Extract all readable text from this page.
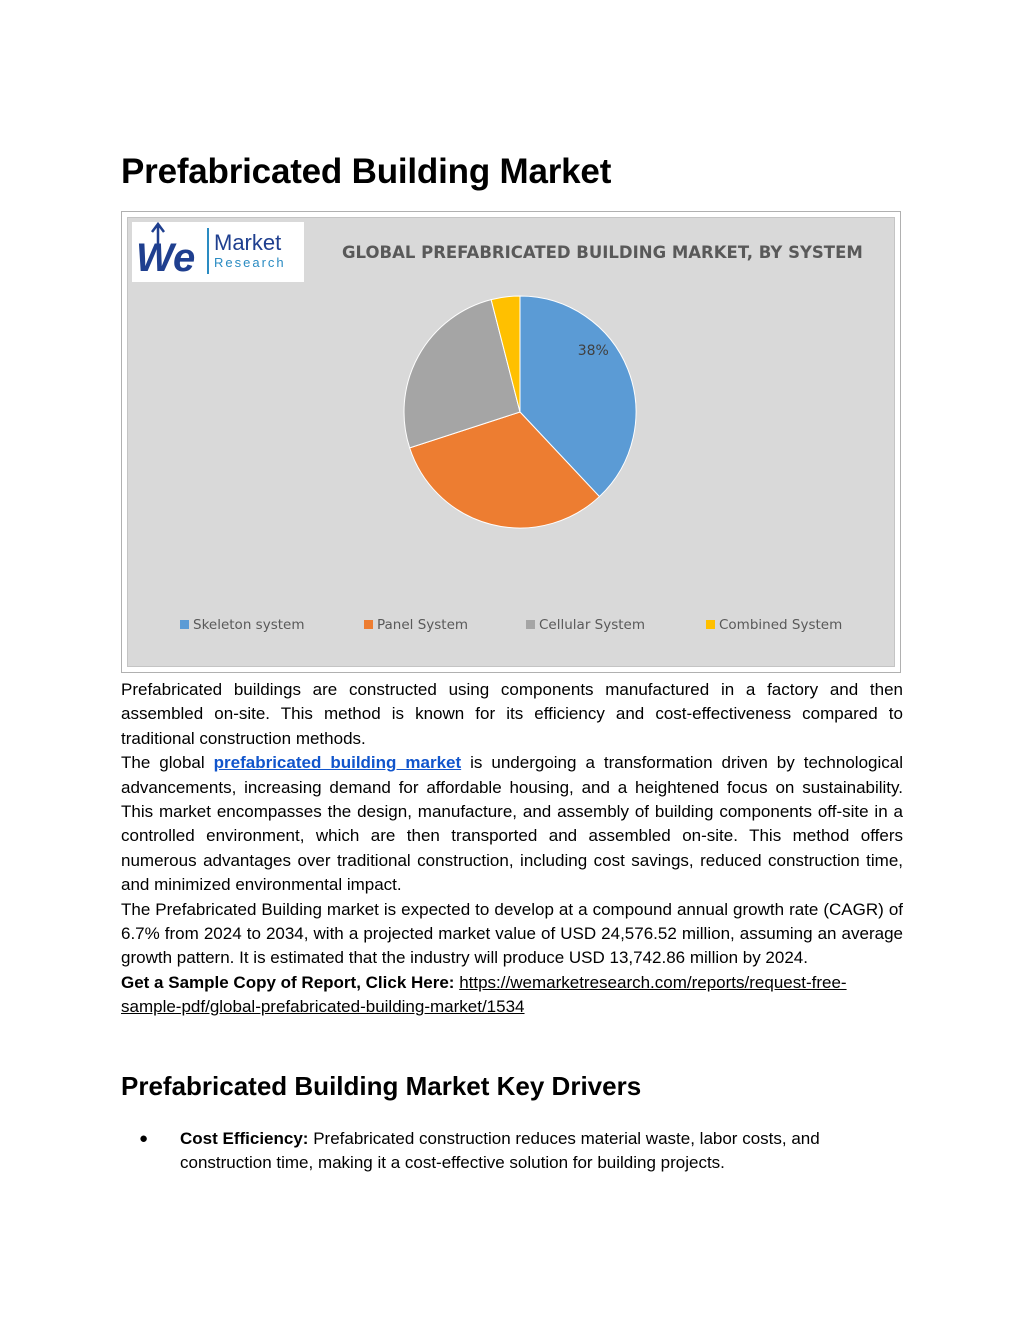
Prefabricated Building Market
We Market
Research
GLOBAL PREFABRICATED BUILDING MARKET, BY SYSTEM
38%
Skeleton system	Panel System	Cellular System	Combined System

Prefabricated buildings are constructed using components manufactured in a factory and then assembled on-site. This method is known for its efficiency and cost-effectiveness compared to traditional construction methods.

The global prefabricated building market is undergoing a transformation driven by technological advancements, increasing demand for affordable housing, and a heightened focus on sustainability. This market encompasses the design, manufacture, and assembly of building components off-site in a controlled environment, which are then transported and assembled on-site. This method offers numerous advantages over traditional construction, including cost savings, reduced construction time, and minimized environmental impact.

The Prefabricated Building market is expected to develop at a compound annual growth rate (CAGR) of 6.7% from 2024 to 2034, with a projected market value of USD 24,576.52 million, assuming an average growth pattern. It is estimated that the industry will produce USD 13,742.86 million by 2024.

Get a Sample Copy of Report, Click Here: https://wemarketresearch.com/reports/request-free-sample-pdf/global-prefabricated-building-market/1534

Prefabricated Building Market Key Drivers
● Cost Efficiency: Prefabricated construction reduces material waste, labor costs, and construction time, making it a cost-effective solution for building projects.
